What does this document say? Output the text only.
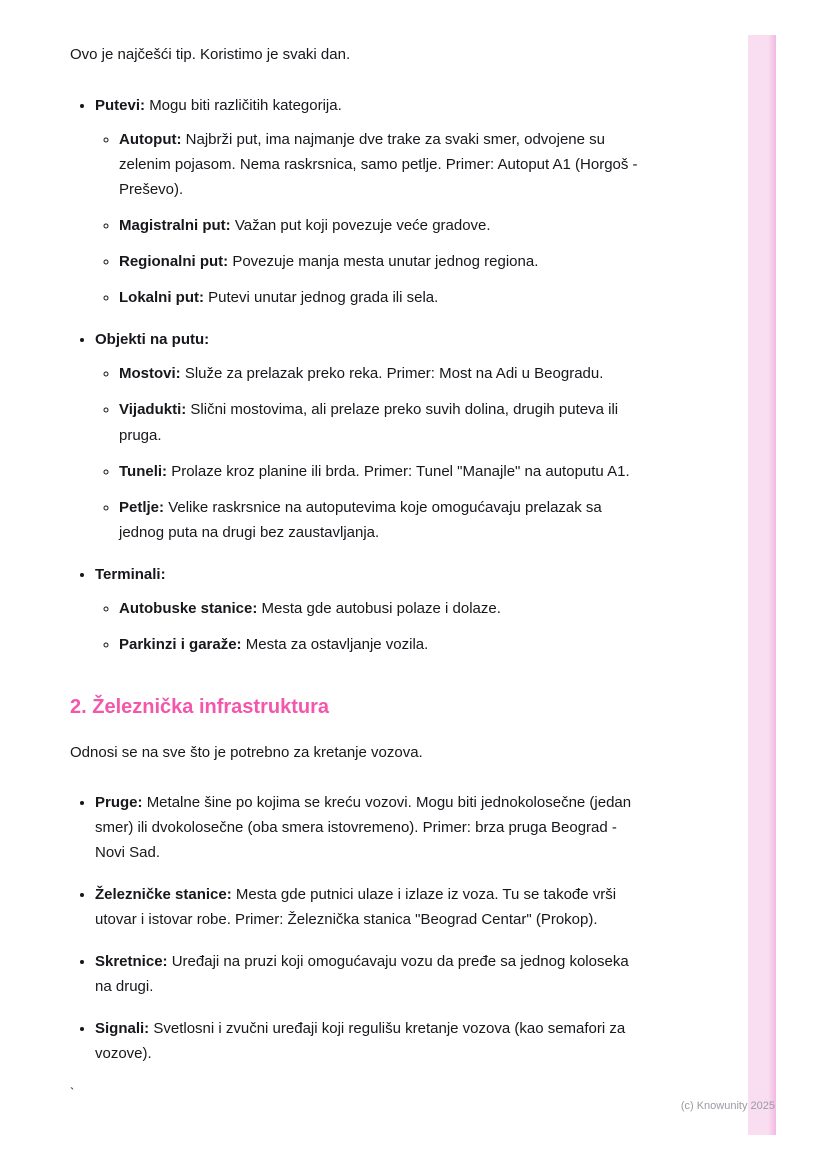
Ovo je najčešći tip. Koristimo je svaki dan.

• Putevi: Mogu biti različitih kategorija.
◦ Autoput: Najbrži put, ima najmanje dve trake za svaki smer, odvojene su zelenim pojasom. Nema raskrsnica, samo petlje. Primer: Autoput A1 (Horgoš - Preševo).
◦ Magistralni put: Važan put koji povezuje veće gradove.
◦ Regionalni put: Povezuje manja mesta unutar jednog regiona.
◦ Lokalni put: Putevi unutar jednog grada ili sela.
• Objekti na putu:
◦ Mostovi: Služe za prelazak preko reka. Primer: Most na Adi u Beogradu.
◦ Vijadukti: Slični mostovima, ali prelaze preko suvih dolina, drugih puteva ili pruga.
◦ Tuneli: Prolaze kroz planine ili brda. Primer: Tunel "Manajle" na autoputu A1.
◦ Petlje: Velike raskrsnice na autoputevima koje omogućavaju prelazak sa jednog puta na drugi bez zaustavljanja.
• Terminali:
◦ Autobuske stanice: Mesta gde autobusi polaze i dolaze.
◦ Parkinzi i garaže: Mesta za ostavljanje vozila.
2. Železnička infrastruktura

Odnosi se na sve što je potrebno za kretanje vozova.

• Pruge: Metalne šine po kojima se kreću vozovi. Mogu biti jednokolosečne (jedan smer) ili dvokolosečne (oba smera istovremeno). Primer: brza pruga Beograd - Novi Sad.
• Železničke stanice: Mesta gde putnici ulaze i izlaze iz voza. Tu se takođe vrši utovar i istovar robe. Primer: Železnička stanica "Beograd Centar" (Prokop).
• Skretnice: Uređaji na pruzi koji omogućavaju vozu da pređe sa jednog koloseka na drugi.
• Signali: Svetlosni i zvučni uređaji koji regulišu kretanje vozova (kao semafori za vozove).
`
(c) Knowunity 2025
